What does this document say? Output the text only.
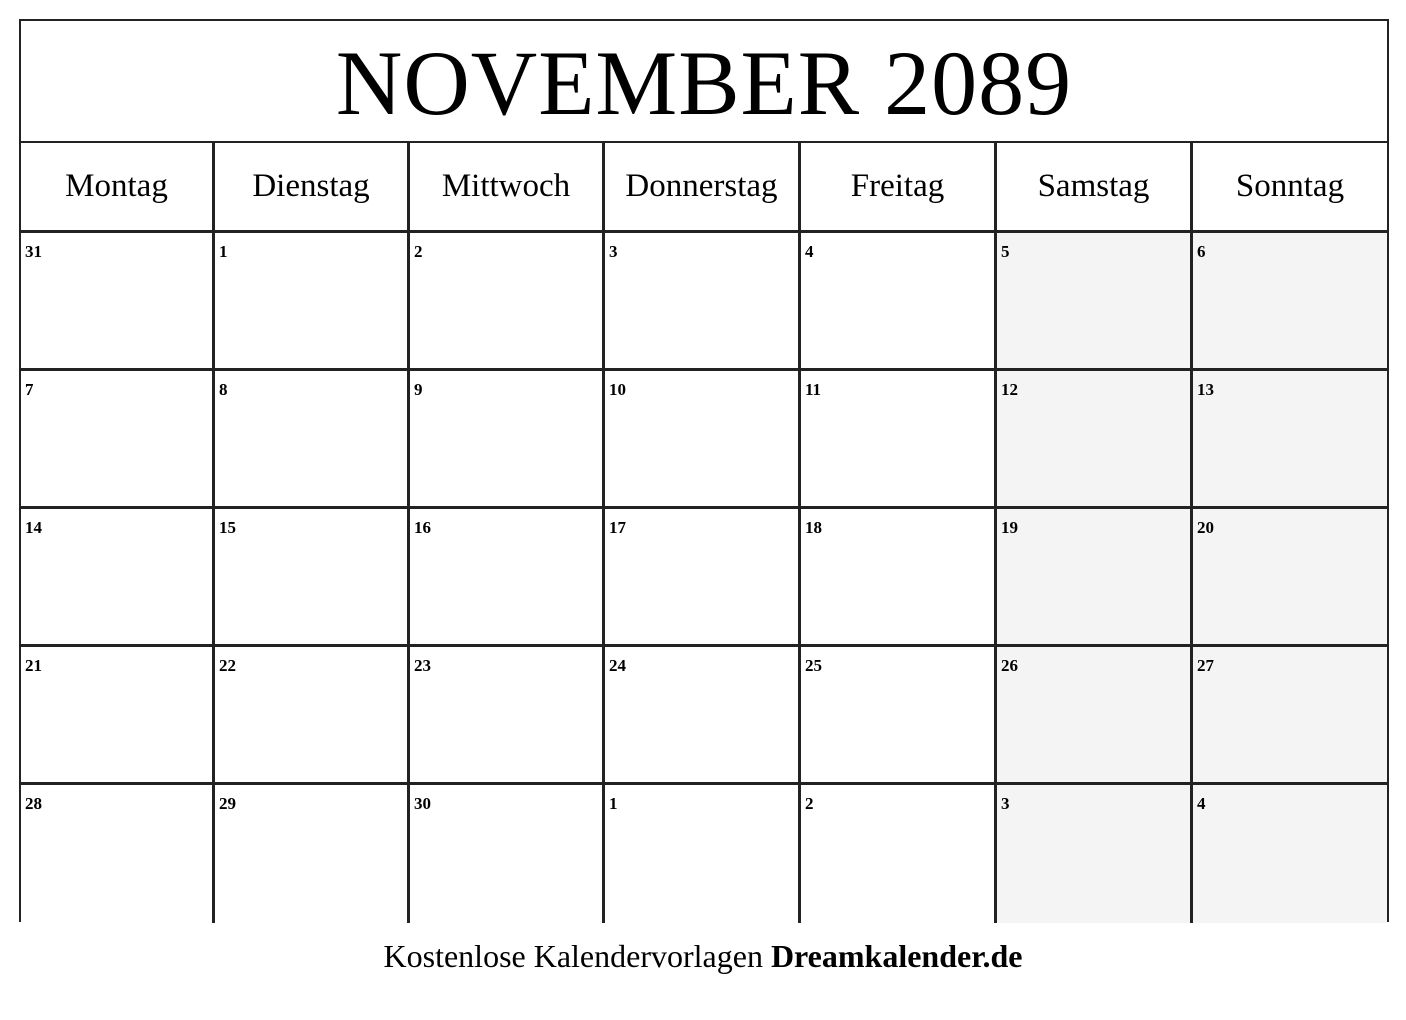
NOVEMBER 2089
Montag	Dienstag	Mittwoch	Donnerstag	Freitag	Samstag	Sonntag
31	1	2	3	4	5	6
7	8	9	10	11	12	13
14	15	16	17	18	19	20
21	22	23	24	25	26	27
28	29	30	1	2	3	4
Kostenlose Kalendervorlagen Dreamkalender.de
